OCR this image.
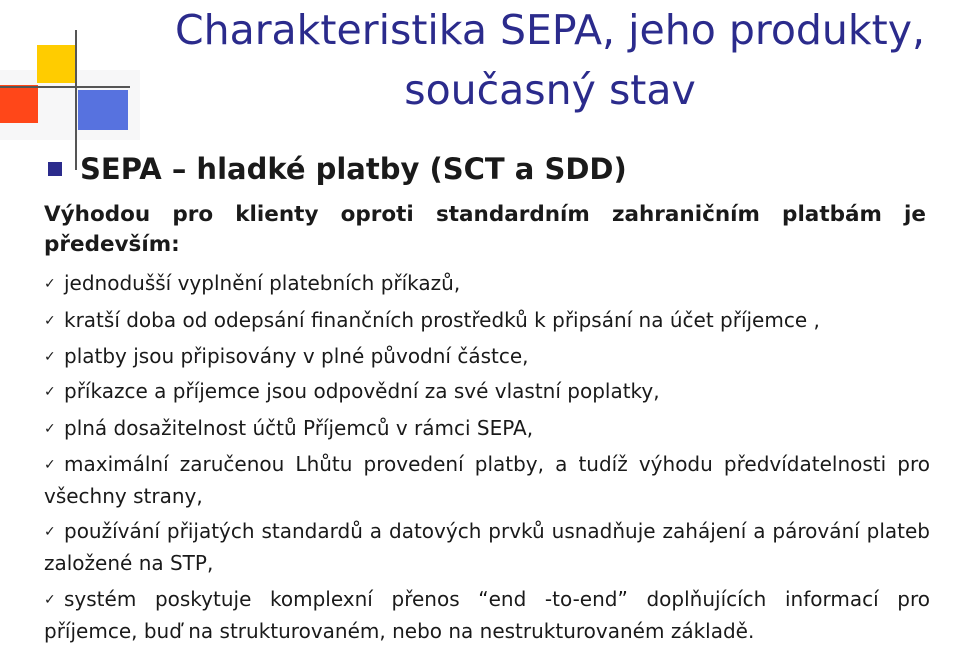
Charakteristika SEPA, jeho produkty,
současný stav
SEPA – hladké platby (SCT a SDD)
Výhodou pro klienty oproti standardním zahraničním platbám je především:
✓ jednodušší vyplnění platebních příkazů,
✓ kratší doba od odepsání finančních prostředků k připsání na účet příjemce ,
✓ platby jsou připisovány v plné původní částce,
✓ příkazce a příjemce jsou odpovědní za své vlastní poplatky,
✓ plná dosažitelnost účtů Příjemců v rámci SEPA,
✓ maximální zaručenou Lhůtu provedení platby, a tudíž výhodu předvídatelnosti pro všechny strany,
✓ používání přijatých standardů a datových prvků usnadňuje zahájení a párování plateb založené na STP,
✓ systém poskytuje komplexní přenos “end -to-end” doplňujících informací pro příjemce, buď na strukturovaném, nebo na nestrukturovaném základě.
